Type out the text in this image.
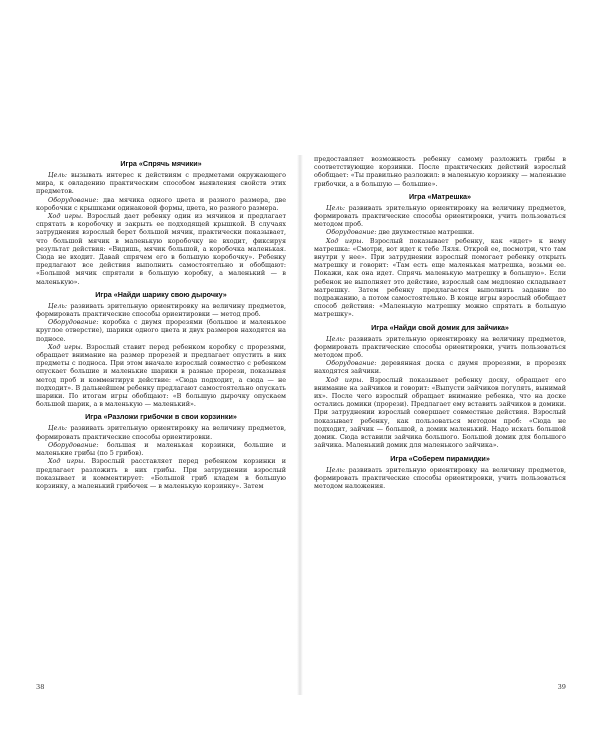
Игра «Спрячь мячики»

Цель: вызывать интерес к действиям с предметами окружающего мира, к овладению практическим способом выявления свойств этих предметов.

Оборудование: два мячика одного цвета и разного размера, две коробочки с крышками одинаковой формы, цвета, но разного размера.

Ход игры. Взрослый дает ребенку один из мячиков и предлагает спрятать в коробочку и закрыть ее подходящей крышкой. В случаях затруднения взрослый берет большой мячик, практически показывает, что большой мячик в маленькую коробочку не входит, фиксируя результат действия: «Видишь, мячик большой, а коробочка маленькая. Сюда не входит. Давай спрячем его в большую коробочку». Ребенку предлагают все действия выполнить самостоятельно и обобщают: «Большой мячик спрятали в большую коробку, а маленький — в маленькую».

Игра «Найди шарику свою дырочку»

Цель: развивать зрительную ориентировку на величину предметов, формировать практические способы ориентировки — метод проб.

Оборудование: коробка с двумя прорезями (большое и маленькое круглое отверстие), шарики одного цвета и двух размеров находятся на подносе.

Ход игры. Взрослый ставит перед ребенком коробку с прорезями, обращает внимание на размер прорезей и предлагает опустить в них предметы с подноса. При этом вначале взрослый совместно с ребенком опускает большие и маленькие шарики в разные прорези, показывая метод проб и комментируя действие: «Сюда подходит, а сюда — не подходит». В дальнейшем ребенку предлагают самостоятельно опускать шарики. По итогам игры обобщают: «В большую дырочку опускаем большой шарик, а в маленькую — маленький».

Игра «Разложи грибочки в свои корзинки»

Цель: развивать зрительную ориентировку на величину предметов, формировать практические способы ориентировки.

Оборудование: большая и маленькая корзинки, большие и маленькие грибы (по 5 грибов).

Ход игры. Взрослый расставляет перед ребенком корзинки и предлагает разложить в них грибы. При затруднении взрослый показывает и комментирует: «Большой гриб кладем в большую корзинку, а маленький грибочек — в маленькую корзинку». Затем

38

предоставляет возможность ребенку самому разложить грибы в соответствующие корзинки. После практических действий взрослый обобщает: «Ты правильно разложил: в маленькую корзинку — маленькие грибочки, а в большую — большие».

Игра «Матрешка»

Цель: развивать зрительную ориентировку на величину предметов, формировать практические способы ориентировки, учить пользоваться методом проб.

Оборудование: две двухместные матрешки.

Ход игры. Взрослый показывает ребенку, как «идет» к нему матрешка: «Смотри, вот идет к тебе Ляля. Открой ее, посмотри, что там внутри у нее». При затруднении взрослый помогает ребенку открыть матрешку и говорит: «Там есть еще маленькая матрешка, возьми ее. Покажи, как она идет. Спрячь маленькую матрешку в большую». Если ребенок не выполняет это действие, взрослый сам медленно складывает матрешку. Затем ребенку предлагается выполнить задание по подражанию, а потом самостоятельно. В конце игры взрослый обобщает способ действия: «Маленькую матрешку можно спрятать в большую матрешку».

Игра «Найди свой домик для зайчика»

Цель: развивать зрительную ориентировку на величину предметов, формировать практические способы ориентировки, учить пользоваться методом проб.

Оборудование: деревянная доска с двумя прорезями, в прорезях находятся зайчики.

Ход игры. Взрослый показывает ребенку доску, обращает его внимание на зайчиков и говорит: «Выпусти зайчиков погулять, вынимай их». После чего взрослый обращает внимание ребенка, что на доске остались домики (прорези). Предлагает ему вставить зайчиков в домики. При затруднении взрослый совершает совместные действия. Взрослый показывает ребенку, как пользоваться методом проб: «Сюда не подходит, зайчик — большой, а домик маленький. Надо искать большой домик. Сюда вставили зайчика большого. Большой домик для большого зайчика. Маленький домик для маленького зайчика».

Игра «Соберем пирамидки»

Цель: развивать зрительную ориентировку на величину предметов, формировать практические способы ориентировки, учить пользоваться методом наложения.

39
